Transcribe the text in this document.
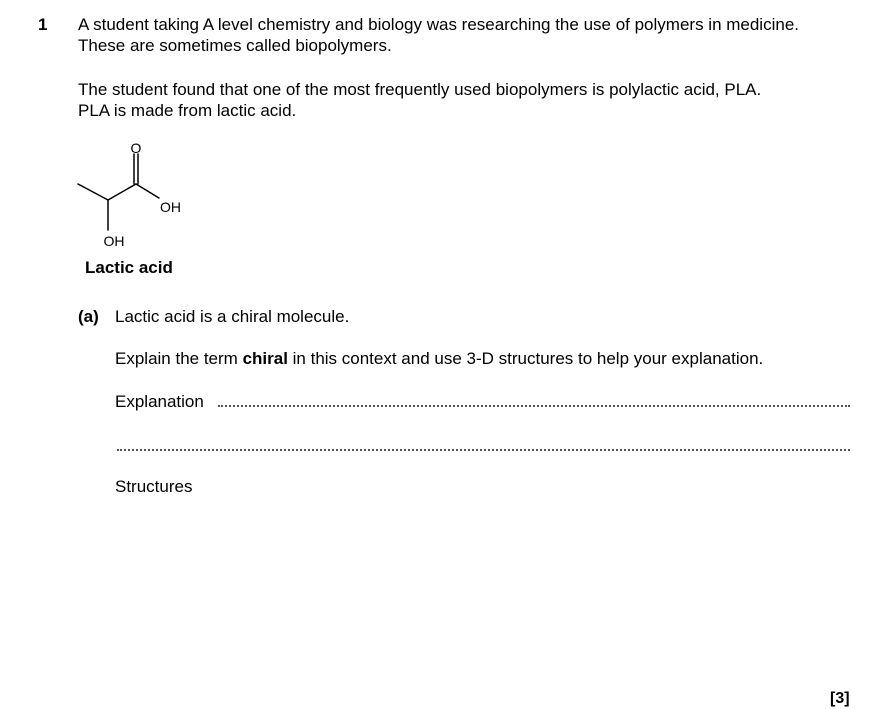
1 A student taking A level chemistry and biology was researching the use of polymers in medicine.
These are sometimes called biopolymers.
The student found that one of the most frequently used biopolymers is polylactic acid, PLA.
PLA is made from lactic acid.
O
OH
OH
Lactic acid
(a) Lactic acid is a chiral molecule.
Explain the term chiral in this context and use 3-D structures to help your explanation.
Explanation
Structures
[3]
